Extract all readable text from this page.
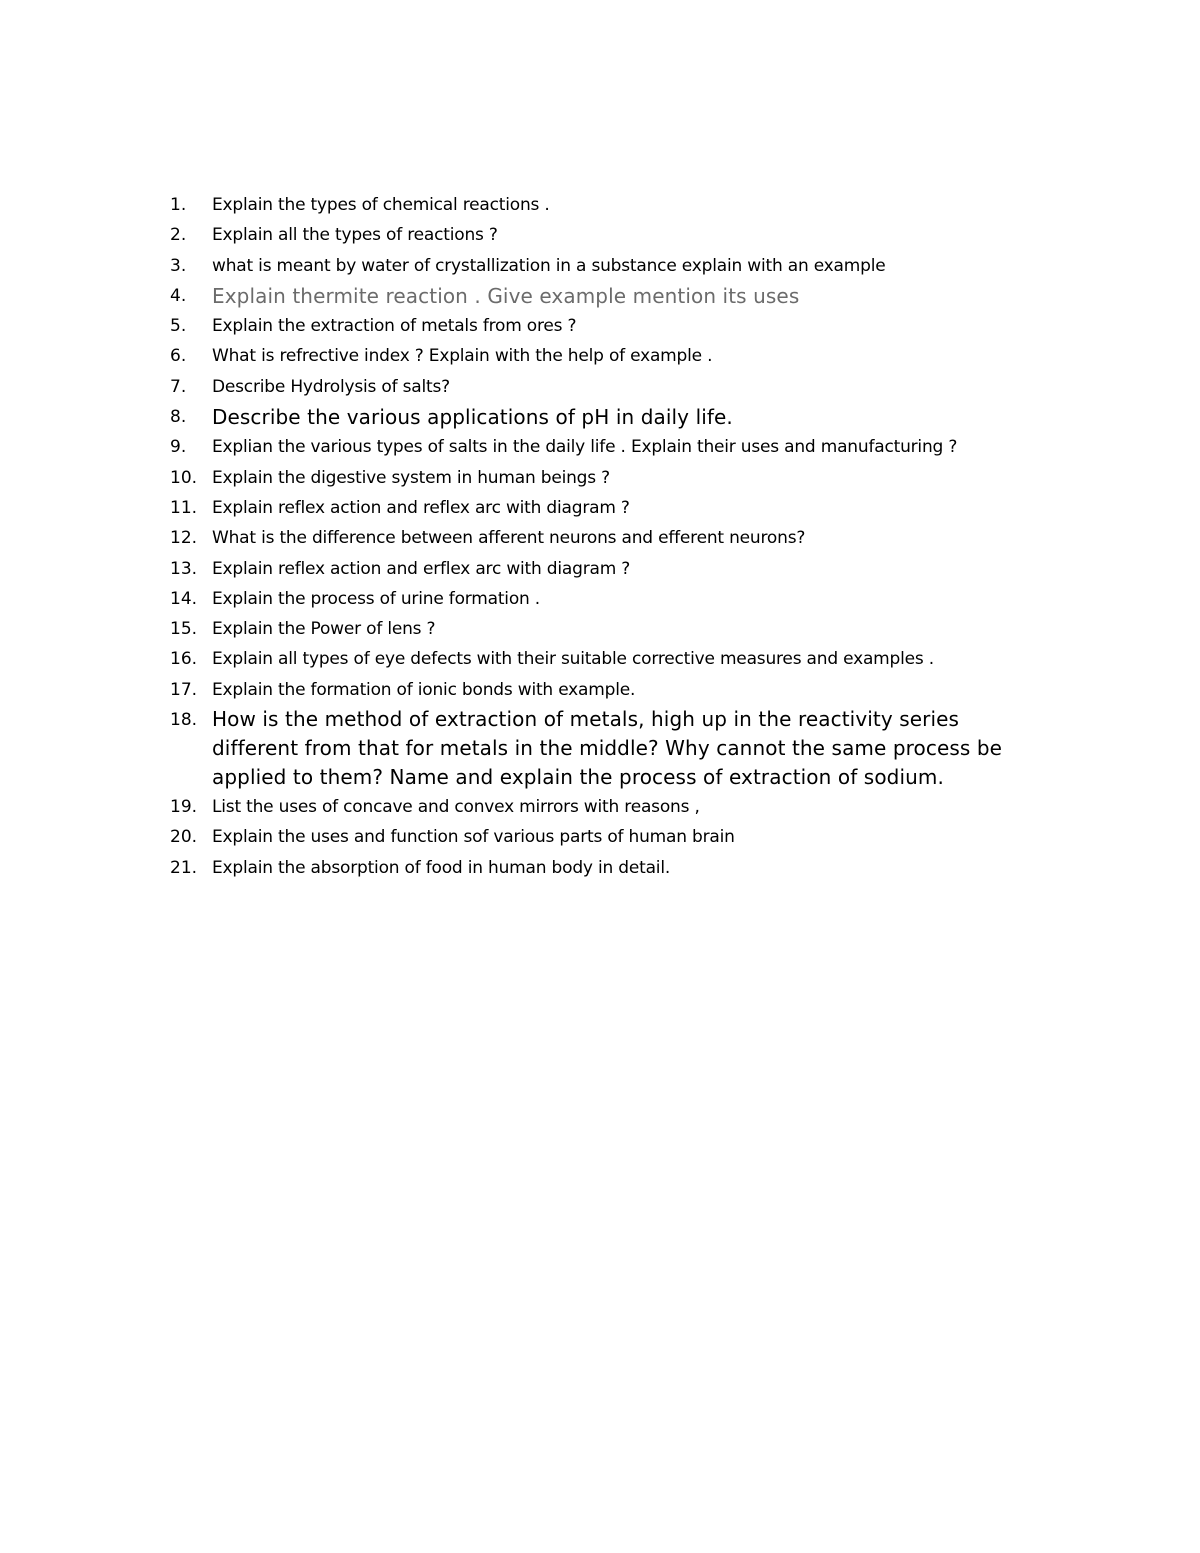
1.	Explain the types of chemical reactions .
2.	Explain all the types of reactions ?
3.	what is meant by water of crystallization in a substance explain with an example
4.	Explain thermite reaction . Give example mention its uses
5.	Explain the extraction of metals from ores ?
6.	What is refrective index ? Explain with the help of example .
7.	Describe Hydrolysis of salts?
8.	Describe the various applications of pH in daily life.
9.	Explian the various types of salts in the daily life . Explain their uses and manufacturing ?
10. Explain the digestive system in human beings ?
11. Explain reflex action and reflex arc with diagram ?
12. What is the difference between afferent neurons and efferent neurons?
13. Explain reflex action and erflex arc with diagram ?
14. Explain the process of urine formation .
15. Explain the Power of lens ?
16. Explain all types of eye defects with their suitable corrective measures and examples .
17. Explain the formation of ionic bonds with example.
18. How is the method of extraction of metals, high up in the reactivity series different from that for metals in the middle? Why cannot the same process be applied to them? Name and explain the process of extraction of sodium.
19. List the uses of concave and convex mirrors with reasons ,
20. Explain the uses and function sof various parts of human brain
21. Explain the absorption of food in human body in detail.
